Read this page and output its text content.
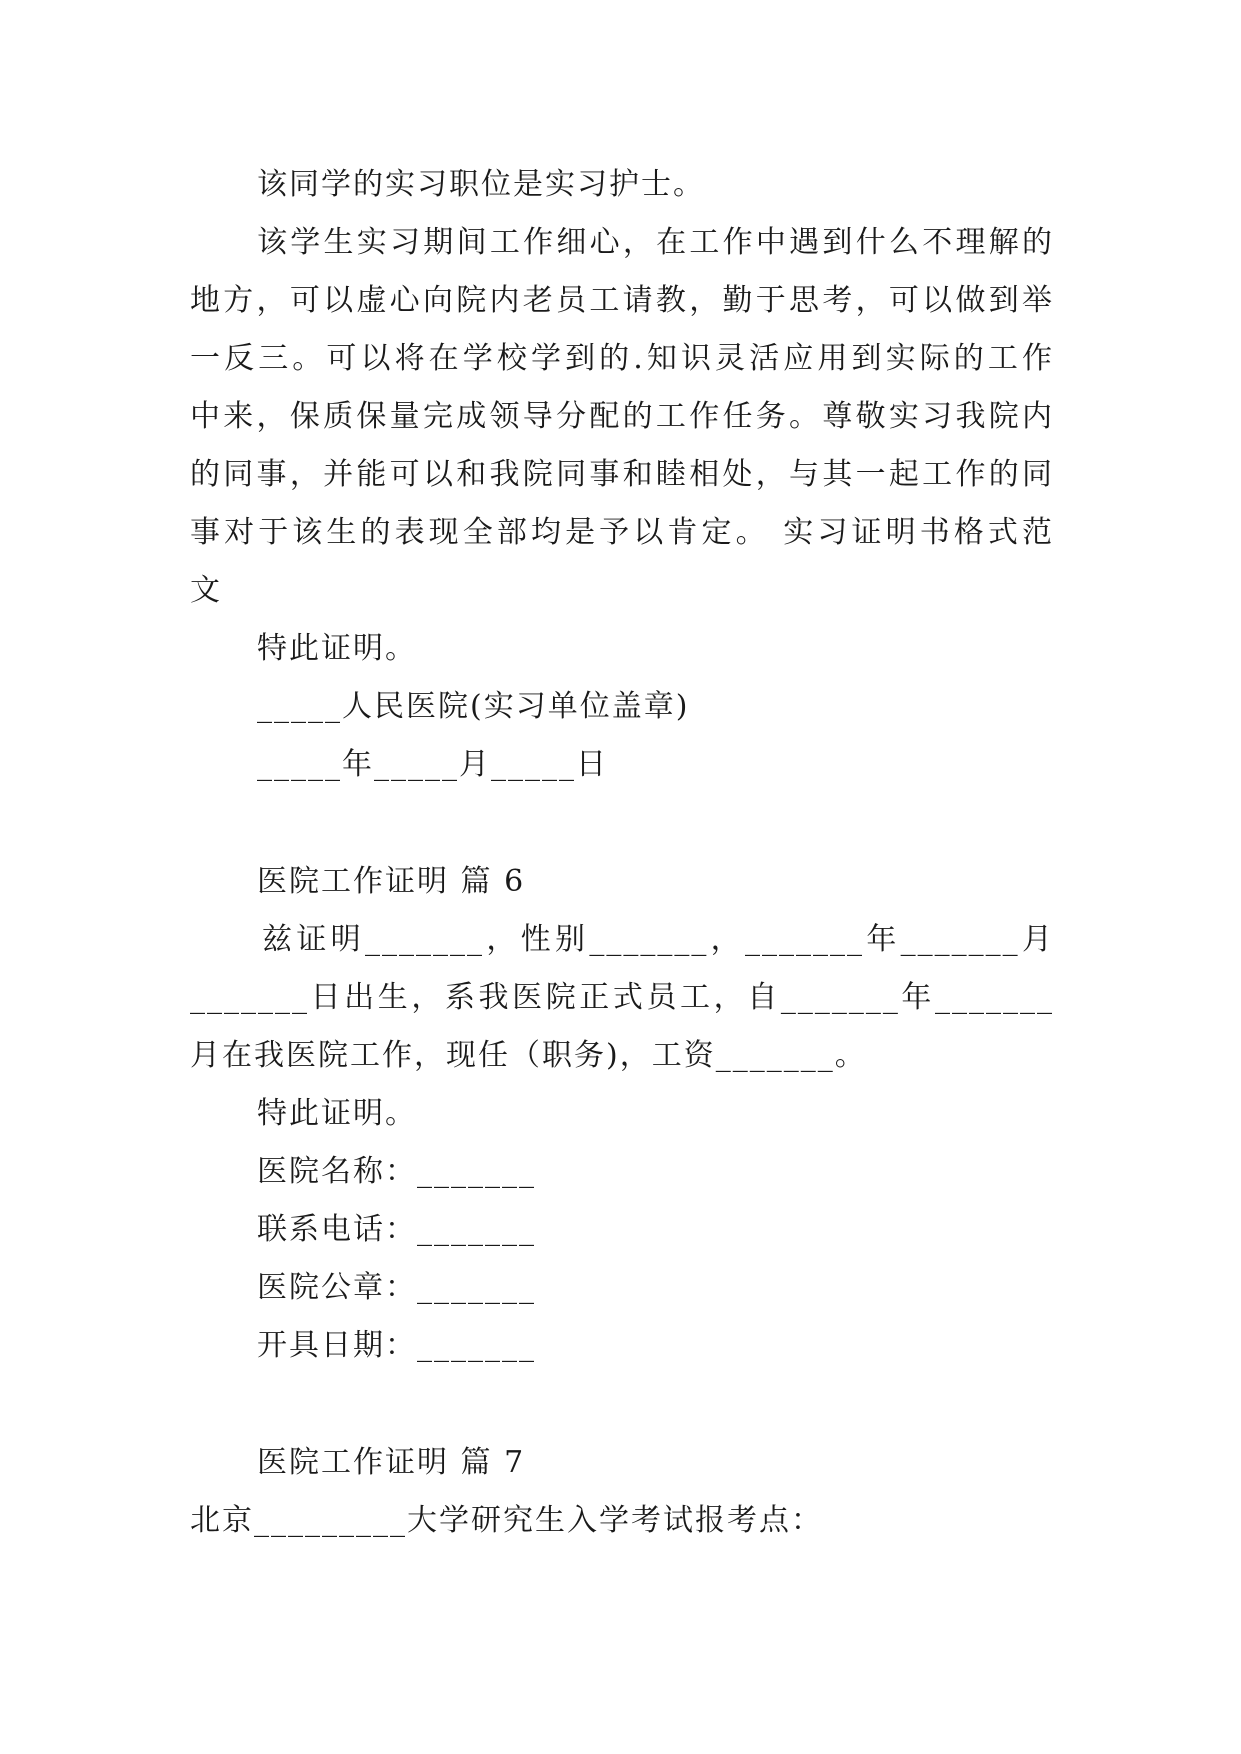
该同学的实习职位是实习护士。

该学生实习期间工作细心，在工作中遇到什么不理解的

地方，可以虚心向院内老员工请教，勤于思考，可以做到举

一反三。可以将在学校学到的.知识灵活应用到实际的工作

中来，保质保量完成领导分配的工作任务。尊敬实习我院内

的同事，并能可以和我院同事和睦相处，与其一起工作的同

事对于该生的表现全部均是予以肯定。 实习证明书格式范

文

特此证明。

_____人民医院(实习单位盖章)

_____年_____月_____日

医院工作证明 篇 6

兹证明_______，性别_______，_______年_______月

_______日出生，系我医院正式员工，自_______年_______

月在我医院工作，现任（职务)，工资_______。

特此证明。

医院名称：_______

联系电话：_______

医院公章：_______

开具日期：_______

医院工作证明 篇 7

北京_________大学研究生入学考试报考点：
